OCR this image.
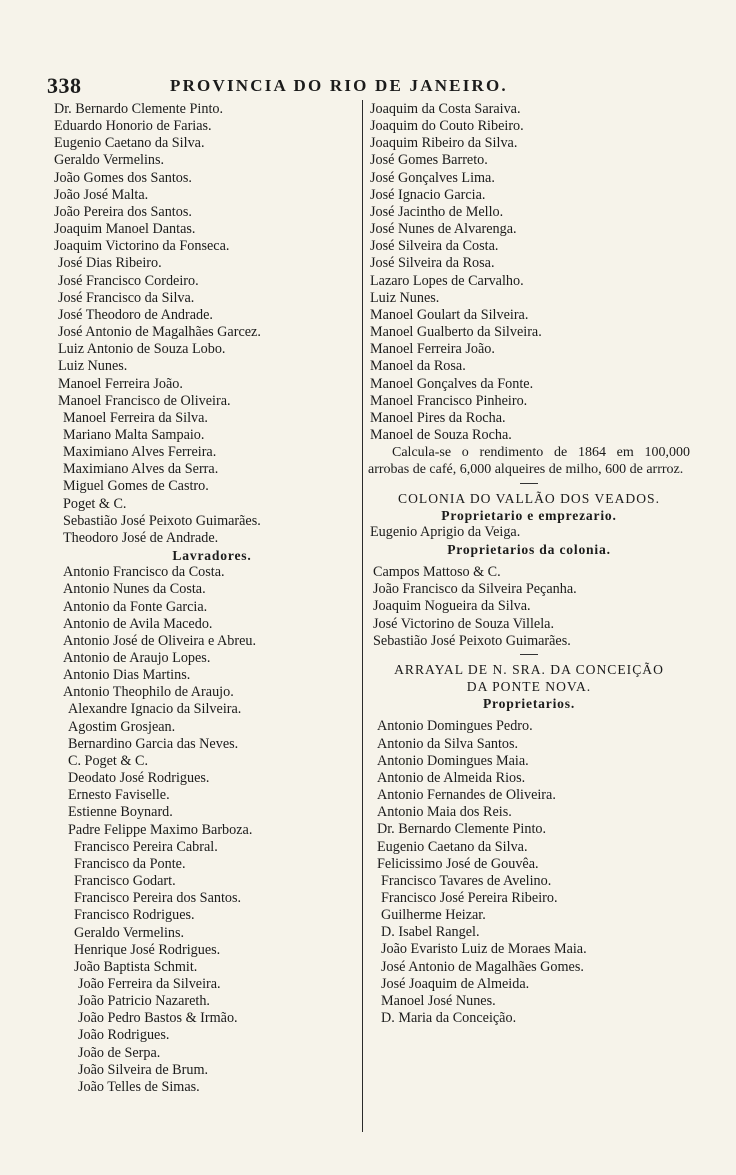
338	PROVINCIA DO RIO DE JANEIRO.
Dr. Bernardo Clemente Pinto.
Eduardo Honorio de Farias.
Eugenio Caetano da Silva.
Geraldo Vermelins.
João Gomes dos Santos.
João José Malta.
João Pereira dos Santos.
Joaquim Manoel Dantas.
Joaquim Victorino da Fonseca.
José Dias Ribeiro.
José Francisco Cordeiro.
José Francisco da Silva.
José Theodoro de Andrade.
José Antonio de Magalhães Garcez.
Luiz Antonio de Souza Lobo.
Luiz Nunes.
Manoel Ferreira João.
Manoel Francisco de Oliveira.
Manoel Ferreira da Silva.
Mariano Malta Sampaio.
Maximiano Alves Ferreira.
Maximiano Alves da Serra.
Miguel Gomes de Castro.
Poget & C.
Sebastião José Peixoto Guimarães.
Theodoro José de Andrade.
Lavradores.
Antonio Francisco da Costa.
Antonio Nunes da Costa.
Antonio da Fonte Garcia.
Antonio de Avila Macedo.
Antonio José de Oliveira e Abreu.
Antonio de Araujo Lopes.
Antonio Dias Martins.
Antonio Theophilo de Araujo.
Alexandre Ignacio da Silveira.
Agostim Grosjean.
Bernardino Garcia das Neves.
C. Poget & C.
Deodato José Rodrigues.
Ernesto Faviselle.
Estienne Boynard.
Padre Felippe Maximo Barboza.
Francisco Pereira Cabral.
Francisco da Ponte.
Francisco Godart.
Francisco Pereira dos Santos.
Francisco Rodrigues.
Geraldo Vermelins.
Henrique José Rodrigues.
João Baptista Schmit.
João Ferreira da Silveira.
João Patricio Nazareth.
João Pedro Bastos & Irmão.
João Rodrigues.
João de Serpa.
João Silveira de Brum.
João Telles de Simas.
Joaquim da Costa Saraiva.
Joaquim do Couto Ribeiro.
Joaquim Ribeiro da Silva.
José Gomes Barreto.
José Gonçalves Lima.
José Ignacio Garcia.
José Jacintho de Mello.
José Nunes de Alvarenga.
José Silveira da Costa.
José Silveira da Rosa.
Lazaro Lopes de Carvalho.
Luiz Nunes.
Manoel Goulart da Silveira.
Manoel Gualberto da Silveira.
Manoel Ferreira João.
Manoel da Rosa.
Manoel Gonçalves da Fonte.
Manoel Francisco Pinheiro.
Manoel Pires da Rocha.
Manoel de Souza Rocha.
Calcula-se o rendimento de 1864 em 100,000 arrobas de café, 6,000 alqueires de milho, 600 de arrroz.
COLONIA DO VALLÃO DOS VEADOS.
Proprietario e emprezario.
Eugenio Aprigio da Veiga.
Proprietarios da colonia.
Campos Mattoso & C.
João Francisco da Silveira Peçanha.
Joaquim Nogueira da Silva.
José Victorino de Souza Villela.
Sebastião José Peixoto Guimarães.
ARRAYAL DE N. SRA. DA CONCEIÇÃO
DA PONTE NOVA.
Proprietarios.
Antonio Domingues Pedro.
Antonio da Silva Santos.
Antonio Domingues Maia.
Antonio de Almeida Rios.
Antonio Fernandes de Oliveira.
Antonio Maia dos Reis.
Dr. Bernardo Clemente Pinto.
Eugenio Caetano da Silva.
Felicissimo José de Gouvêa.
Francisco Tavares de Avelino.
Francisco José Pereira Ribeiro.
Guilherme Heizar.
D. Isabel Rangel.
João Evaristo Luiz de Moraes Maia.
José Antonio de Magalhães Gomes.
José Joaquim de Almeida.
Manoel José Nunes.
D. Maria da Conceição.
